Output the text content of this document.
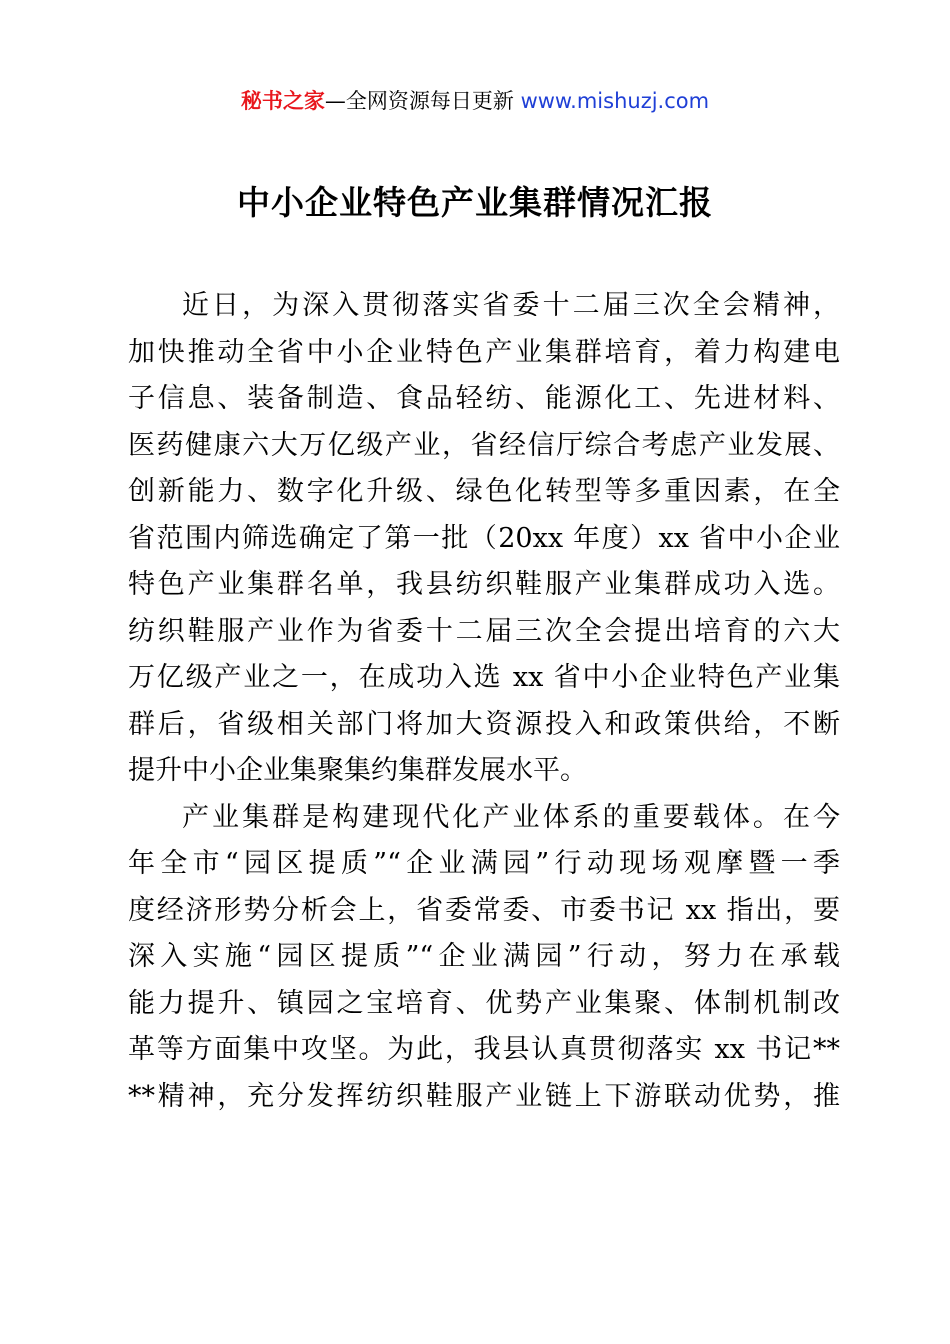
秘书之家—全网资源每日更新 www.mishuzj.com
中小企业特色产业集群情况汇报
近日，为深入贯彻落实省委十二届三次全会精神，
加快推动全省中小企业特色产业集群培育，着力构建电
子信息、装备制造、食品轻纺、能源化工、先进材料、
医药健康六大万亿级产业，省经信厅综合考虑产业发展、
创新能力、数字化升级、绿色化转型等多重因素，在全
省范围内筛选确定了第一批（20xx 年度）xx 省中小企业
特色产业集群名单，我县纺织鞋服产业集群成功入选。
纺织鞋服产业作为省委十二届三次全会提出培育的六大
万亿级产业之一，在成功入选 xx 省中小企业特色产业集
群后，省级相关部门将加大资源投入和政策供给，不断
提升中小企业集聚集约集群发展水平。
产业集群是构建现代化产业体系的重要载体。在今
年全市“园区提质”“企业满园”行动现场观摩暨一季
度经济形势分析会上，省委常委、市委书记 xx 指出，要
深入实施“园区提质”“企业满园”行动，努力在承载
能力提升、镇园之宝培育、优势产业集聚、体制机制改
革等方面集中攻坚。为此，我县认真贯彻落实 xx 书记**
**精神，充分发挥纺织鞋服产业链上下游联动优势，推
